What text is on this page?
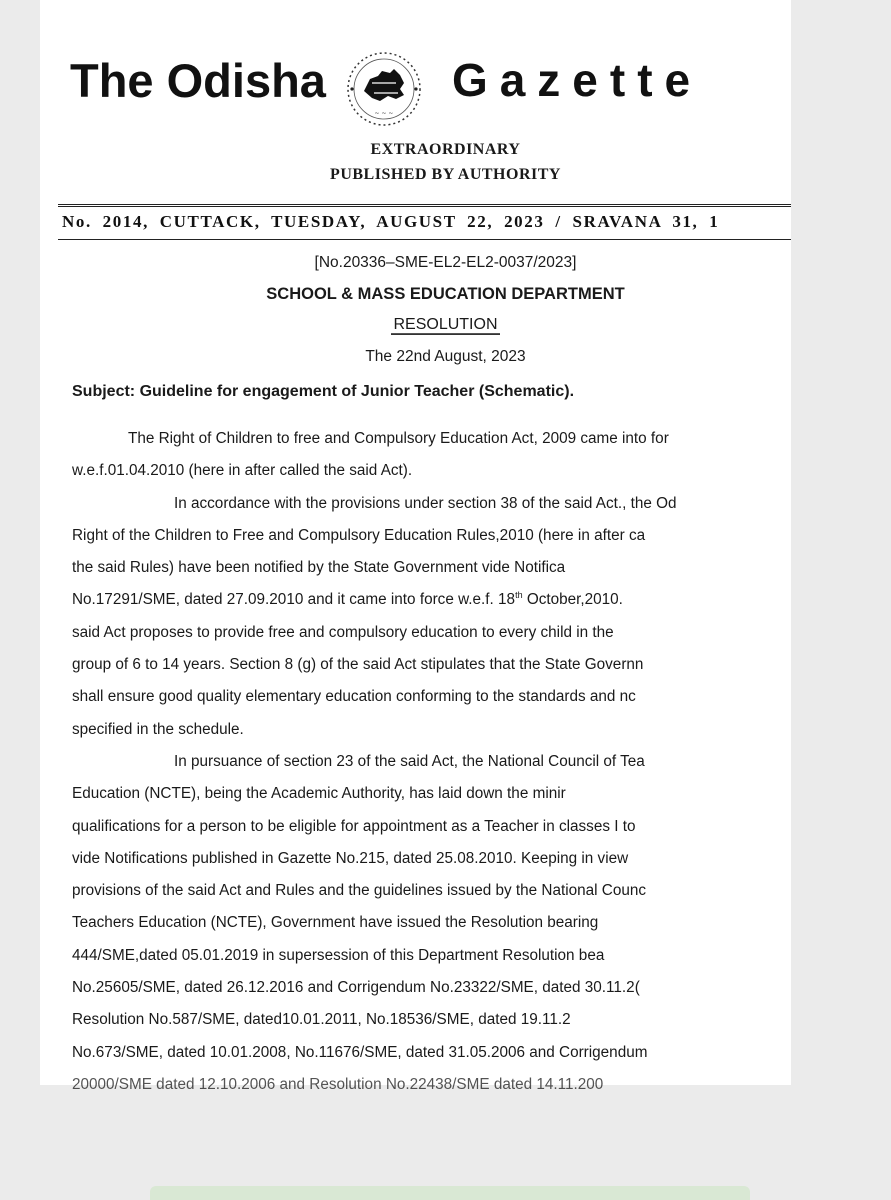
The Odisha
~ ~ ~
Gazette
EXTRAORDINARY
PUBLISHED BY AUTHORITY
No. 2014, CUTTACK, TUESDAY, AUGUST 22, 2023 / SRAVANA 31, 1
[No.20336–SME-EL2-EL2-0037/2023]
SCHOOL & MASS EDUCATION DEPARTMENT
RESOLUTION
The 22nd August, 2023
Subject: Guideline for engagement of Junior Teacher (Schematic).
The Right of Children to free and Compulsory Education Act, 2009 came into for
w.e.f.01.04.2010 (here in after called the said Act).
In accordance with the provisions under section 38 of the said Act., the Od
Right of the Children to Free and Compulsory Education Rules,2010 (here in after ca
the said Rules) have been notified by the State Government vide Notifica
No.17291/SME, dated 27.09.2010 and it came into force w.e.f. 18th October,2010.
said Act proposes to provide free and compulsory education to every child in the
group of 6 to 14 years. Section 8 (g) of the said Act stipulates that the State Governn
shall ensure good quality elementary education conforming to the standards and nc
specified in the schedule.
In pursuance of section 23 of the said Act, the National Council of Tea
Education (NCTE), being the Academic Authority, has laid down the minir
qualifications for a person to be eligible for appointment as a Teacher in classes I to
vide Notifications published in Gazette No.215, dated 25.08.2010. Keeping in view
provisions of the said Act and Rules and the guidelines issued by the National Counc
Teachers Education (NCTE), Government have issued the Resolution bearing
444/SME,dated 05.01.2019 in supersession of this Department Resolution bea
No.25605/SME, dated 26.12.2016 and Corrigendum No.23322/SME, dated 30.11.2(
Resolution No.587/SME, dated10.01.2011, No.18536/SME, dated 19.11.2
No.673/SME, dated 10.01.2008, No.11676/SME, dated 31.05.2006 and Corrigendum
20000/SME dated 12.10.2006 and Resolution No.22438/SME dated 14.11.200
